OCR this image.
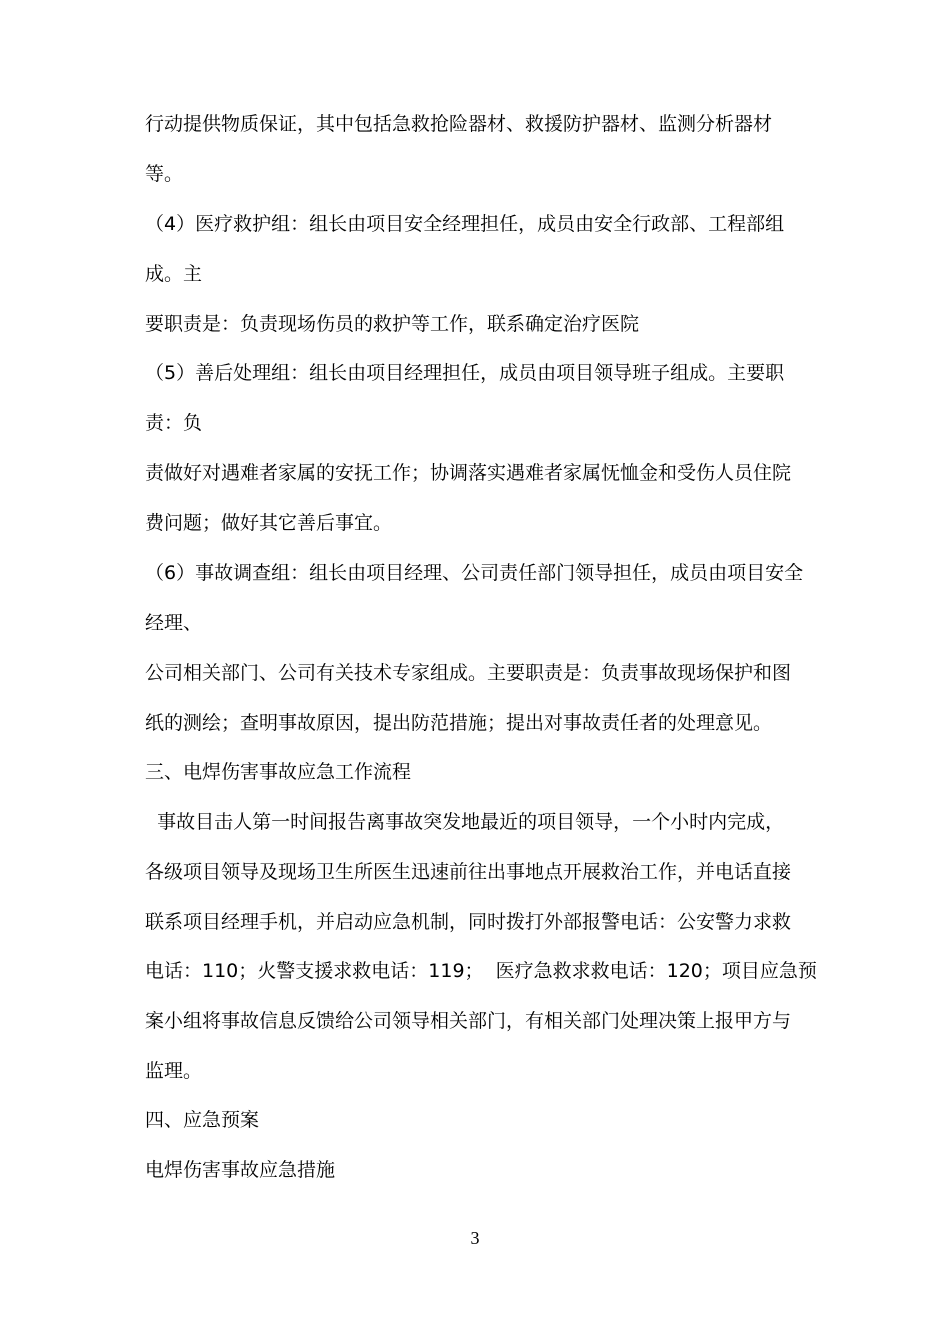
行动提供物质保证，其中包括急救抢险器材、救援防护器材、监测分析器材
等。
（4）医疗救护组：组长由项目安全经理担任，成员由安全行政部、工程部组
成。主
要职责是：负责现场伤员的救护等工作，联系确定治疗医院
（5）善后处理组：组长由项目经理担任，成员由项目领导班子组成。主要职
责：负
责做好对遇难者家属的安抚工作；协调落实遇难者家属怃恤金和受伤人员住院
费问题；做好其它善后事宜。
（6）事故调查组：组长由项目经理、公司责任部门领导担任，成员由项目安全
经理、
公司相关部门、公司有关技术专家组成。主要职责是：负责事故现场保护和图
纸的测绘；查明事故原因，提出防范措施；提出对事故责任者的处理意见。
三、电焊伤害事故应急工作流程
事故目击人第一时间报告离事故突发地最近的项目领导，一个小时内完成，
各级项目领导及现场卫生所医生迅速前往出事地点开展救治工作，并电话直接
联系项目经理手机，并启动应急机制，同时拨打外部报警电话：公安警力求救
电话：110；火警支援求救电话：119；  医疗急救求救电话：120；项目应急预
案小组将事故信息反馈给公司领导相关部门，有相关部门处理决策上报甲方与
监理。
四、应急预案
电焊伤害事故应急措施
3
